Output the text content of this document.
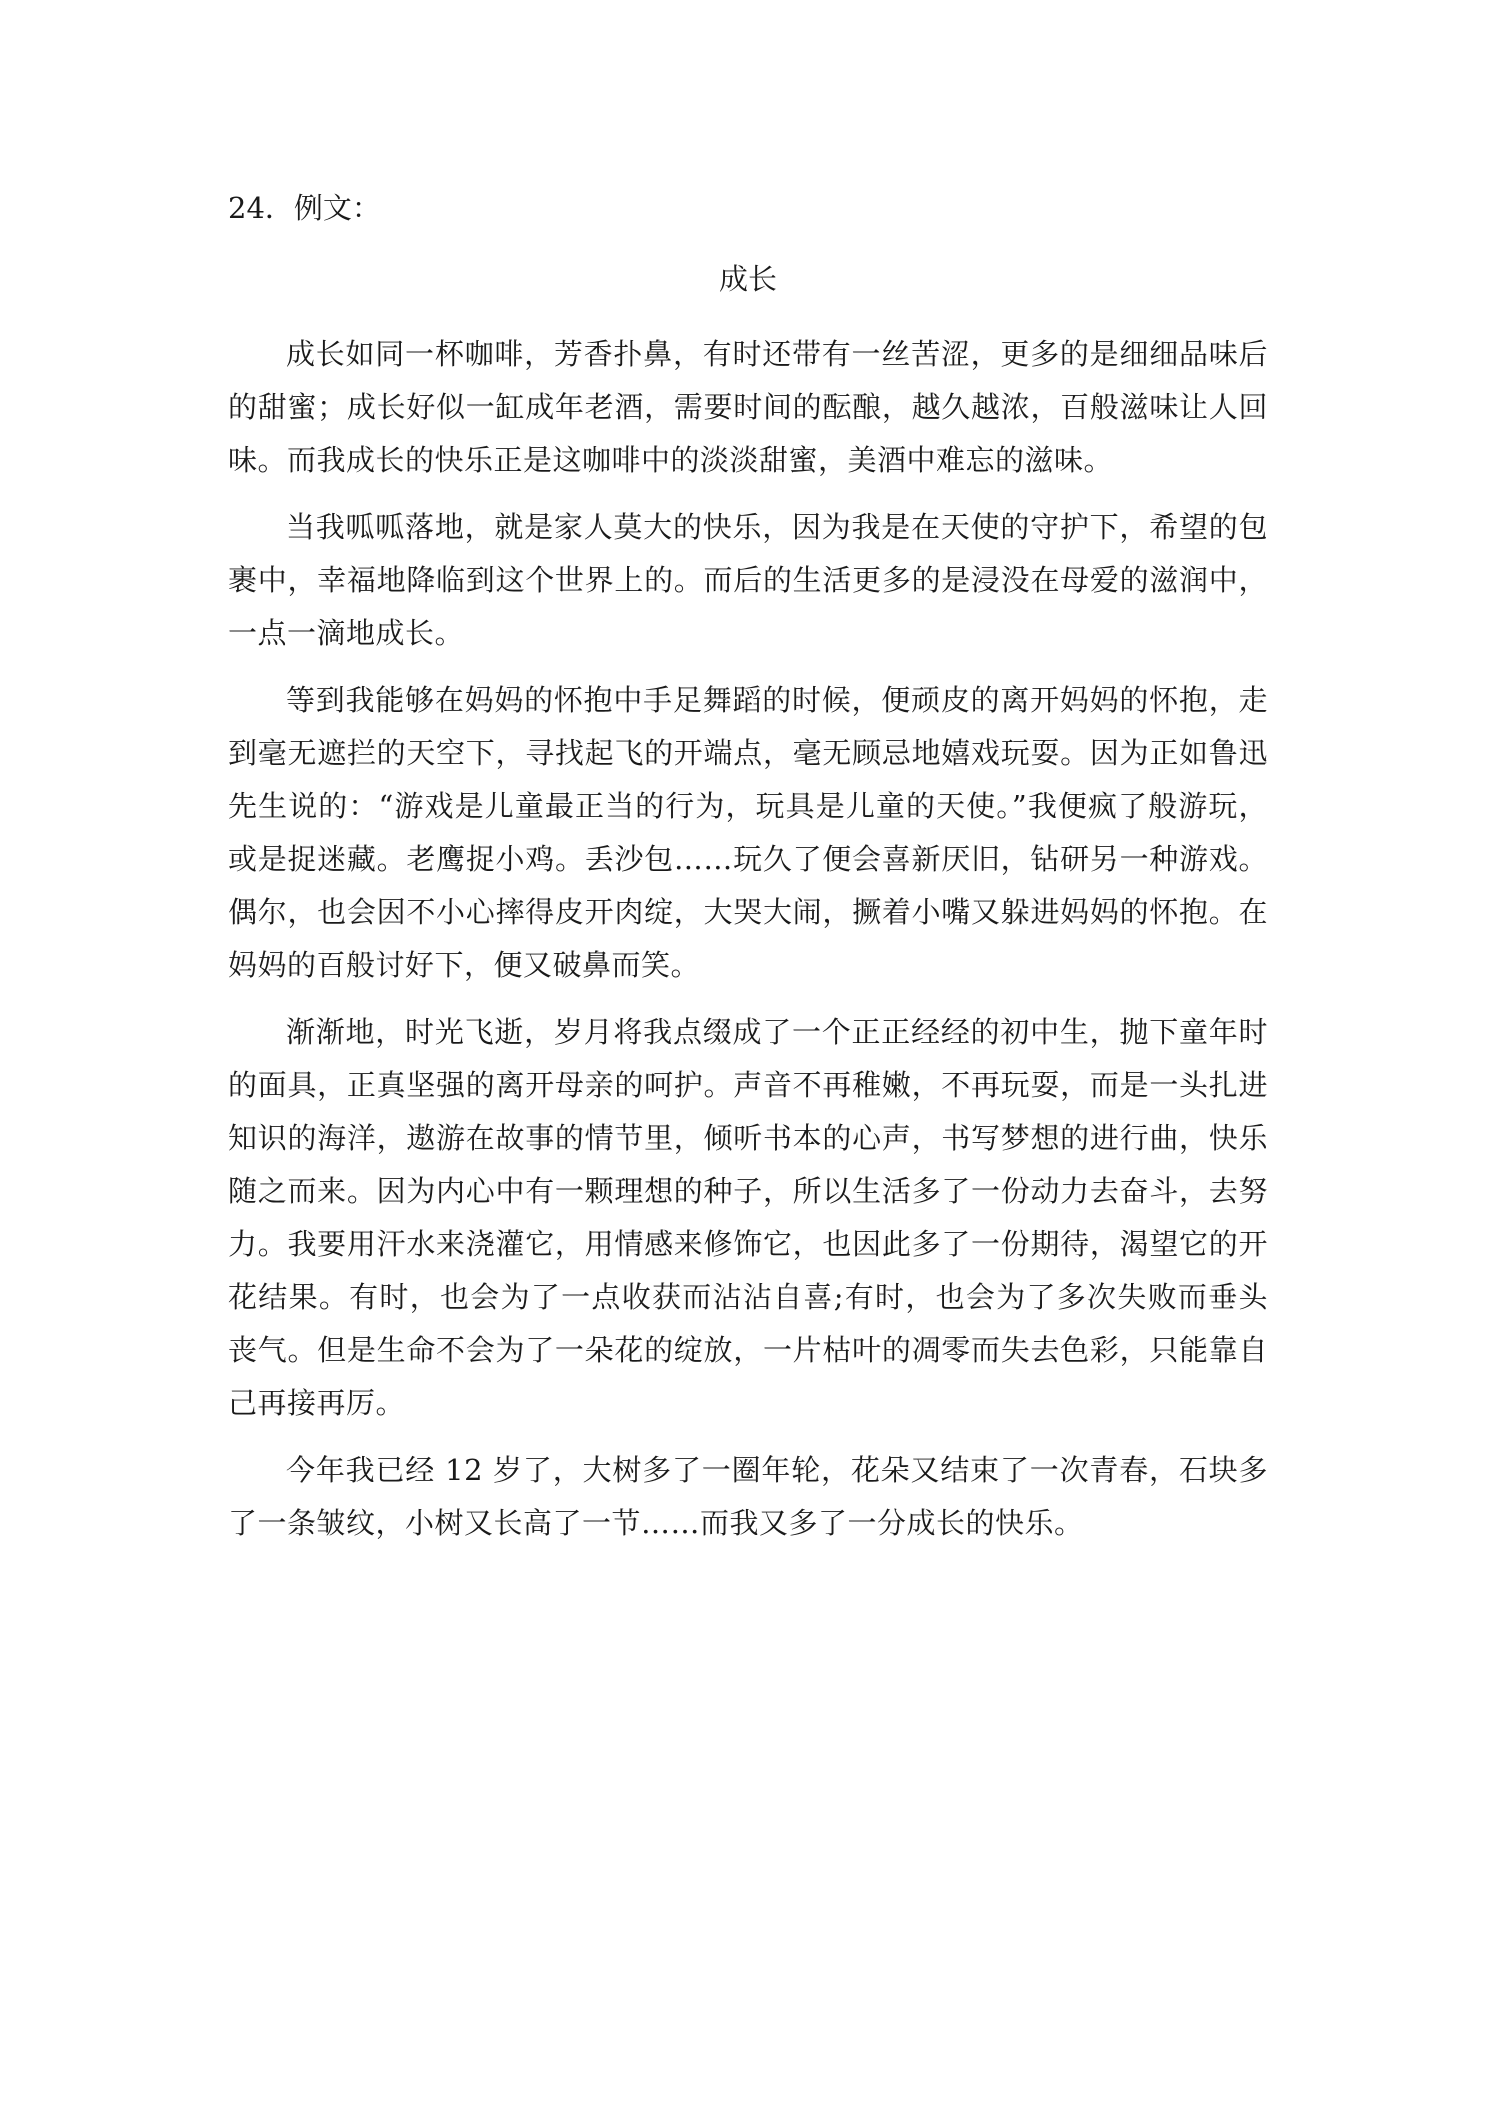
24．例文：
成长

成长如同一杯咖啡，芳香扑鼻，有时还带有一丝苦涩，更多的是细细品味后的甜蜜；成长好似一缸成年老酒，需要时间的酝酿，越久越浓，百般滋味让人回味。而我成长的快乐正是这咖啡中的淡淡甜蜜，美酒中难忘的滋味。

当我呱呱落地，就是家人莫大的快乐，因为我是在天使的守护下，希望的包裹中，幸福地降临到这个世界上的。而后的生活更多的是浸没在母爱的滋润中，一点一滴地成长。

等到我能够在妈妈的怀抱中手足舞蹈的时候，便顽皮的离开妈妈的怀抱，走到毫无遮拦的天空下，寻找起飞的开端点，毫无顾忌地嬉戏玩耍。因为正如鲁迅先生说的：“游戏是儿童最正当的行为，玩具是儿童的天使。”我便疯了般游玩，或是捉迷藏。老鹰捉小鸡。丢沙包……玩久了便会喜新厌旧，钻研另一种游戏。偶尔，也会因不小心摔得皮开肉绽，大哭大闹，撅着小嘴又躲进妈妈的怀抱。在妈妈的百般讨好下，便又破鼻而笑。

渐渐地，时光飞逝，岁月将我点缀成了一个正正经经的初中生，抛下童年时的面具，正真坚强的离开母亲的呵护。声音不再稚嫩，不再玩耍，而是一头扎进知识的海洋，遨游在故事的情节里，倾听书本的心声，书写梦想的进行曲，快乐随之而来。因为内心中有一颗理想的种子，所以生活多了一份动力去奋斗，去努力。我要用汗水来浇灌它，用情感来修饰它，也因此多了一份期待，渴望它的开花结果。有时，也会为了一点收获而沾沾自喜;有时，也会为了多次失败而垂头丧气。但是生命不会为了一朵花的绽放，一片枯叶的凋零而失去色彩，只能靠自己再接再厉。

今年我已经 12 岁了，大树多了一圈年轮，花朵又结束了一次青春，石块多了一条皱纹，小树又长高了一节……而我又多了一分成长的快乐。
